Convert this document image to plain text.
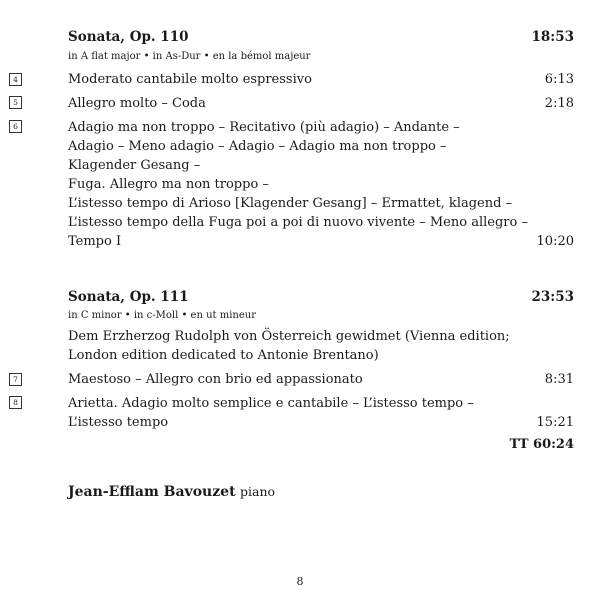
Sonata, Op. 110	18:53
in A flat major • in As-Dur • en la bémol majeur
4	Moderato cantabile molto espressivo	6:13
5	Allegro molto – Coda	2:18
6	Adagio ma non troppo – Recitativo (più adagio) – Andante –
Adagio – Meno adagio – Adagio – Adagio ma non troppo –
Klagender Gesang –
Fuga. Allegro ma non troppo –
L’istesso tempo di Arioso [Klagender Gesang] – Ermattet, klagend –
L’istesso tempo della Fuga poi a poi di nuovo vivente – Meno allegro –
Tempo I	10:20
Sonata, Op. 111	23:53
in C minor • in c-Moll • en ut mineur
Dem Erzherzog Rudolph von Österreich gewidmet (Vienna edition;
London edition dedicated to Antonie Brentano)
7	Maestoso – Allegro con brio ed appassionato	8:31
8	Arietta. Adagio molto semplice e cantabile – L’istesso tempo –
L’istesso tempo	15:21
TT 60:24
Jean-Efflam Bavouzet piano
8
